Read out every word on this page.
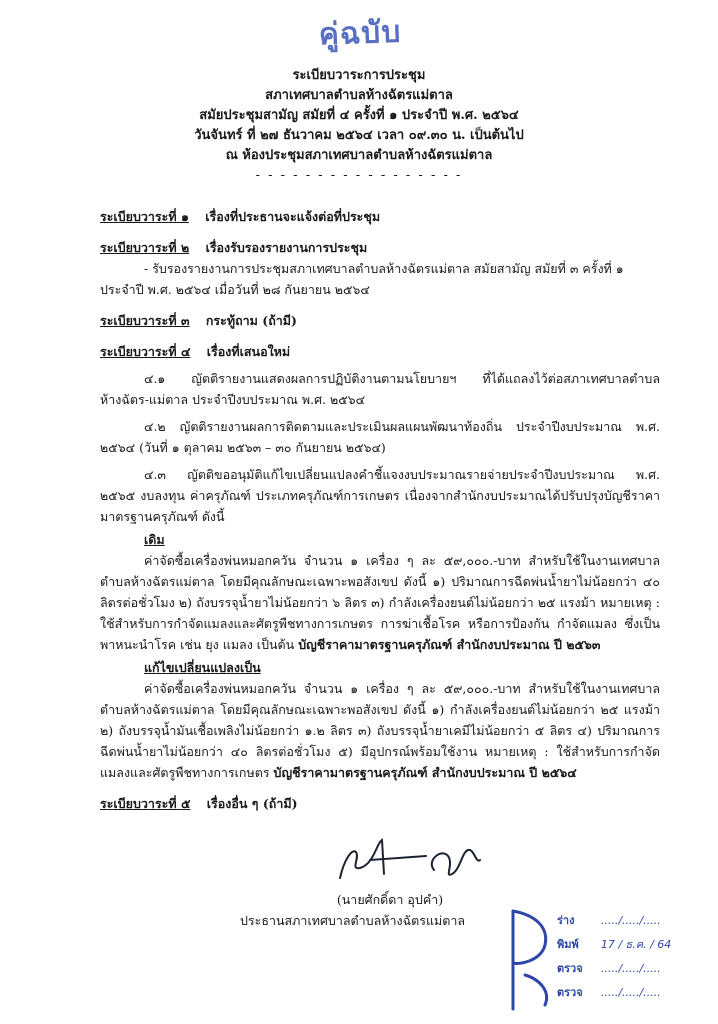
คู่ฉบับ
ระเบียบวาระการประชุม
สภาเทศบาลตำบลห้างฉัตรแม่ตาล
สมัยประชุมสามัญ สมัยที่ ๔ ครั้งที่ ๑ ประจำปี พ.ศ. ๒๕๖๔
วันจันทร์ ที่ ๒๗ ธันวาคม ๒๕๖๔ เวลา ๐๙.๓๐ น. เป็นต้นไป
ณ ห้องประชุมสภาเทศบาลตำบลห้างฉัตรแม่ตาล
- - - - - - - - - - - - - - - - -
ระเบียบวาระที่ ๑ เรื่องที่ประธานจะแจ้งต่อที่ประชุม
ระเบียบวาระที่ ๒ เรื่องรับรองรายงานการประชุม

- รับรองรายงานการประชุมสภาเทศบาลตำบลห้างฉัตรแม่ตาล สมัยสามัญ สมัยที่ ๓ ครั้งที่ ๑

ประจำปี พ.ศ. ๒๕๖๔ เมื่อวันที่ ๒๘ กันยายน ๒๕๖๔

ระเบียบวาระที่ ๓ กระทู้ถาม (ถ้ามี)
ระเบียบวาระที่ ๔ เรื่องที่เสนอใหม่

๔.๑ ญัตติรายงานแสดงผลการปฏิบัติงานตามนโยบายฯ ที่ได้แถลงไว้ต่อสภาเทศบาลตำบลห้างฉัตร-แม่ตาล ประจำปีงบประมาณ พ.ศ. ๒๕๖๔

๔.๒ ญัตติรายงานผลการติดตามและประเมินผลแผนพัฒนาท้องถิ่น ประจำปีงบประมาณ พ.ศ. ๒๕๖๔ (วันที่ ๑ ตุลาคม ๒๕๖๓ – ๓๐ กันยายน ๒๕๖๔)

๔.๓ ญัตติขออนุมัติแก้ไขเปลี่ยนแปลงคำชี้แจงงบประมาณรายจ่ายประจำปีงบประมาณ พ.ศ. ๒๕๖๕ งบลงทุน ค่าครุภัณฑ์ ประเภทครุภัณฑ์การเกษตร เนื่องจากสำนักงบประมาณได้ปรับปรุงบัญชีราคามาตรฐานครุภัณฑ์ ดังนี้

เดิม

ค่าจัดซื้อเครื่องพ่นหมอกควัน จำนวน ๑ เครื่อง ๆ ละ ๕๙,๐๐๐.-บาท สำหรับใช้ในงานเทศบาลตำบลห้างฉัตรแม่ตาล โดยมีคุณลักษณะเฉพาะพอสังเขป ดังนี้ ๑) ปริมาณการฉีดพ่นน้ำยาไม่น้อยกว่า ๔๐ ลิตรต่อชั่วโมง ๒) ถังบรรจุน้ำยาไม่น้อยกว่า ๖ ลิตร ๓) กำลังเครื่องยนต์ไม่น้อยกว่า ๒๕ แรงม้า หมายเหตุ : ใช้สำหรับการกำจัดแมลงและศัตรูพืชทางการเกษตร การฆ่าเชื้อโรค หรือการป้องกัน กำจัดแมลง ซึ่งเป็นพาหนะนำโรค เช่น ยุง แมลง เป็นต้น บัญชีราคามาตรฐานครุภัณฑ์ สำนักงบประมาณ ปี ๒๕๖๓

แก้ไขเปลี่ยนแปลงเป็น

ค่าจัดซื้อเครื่องพ่นหมอกควัน จำนวน ๑ เครื่อง ๆ ละ ๕๙,๐๐๐.-บาท สำหรับใช้ในงานเทศบาลตำบลห้างฉัตรแม่ตาล โดยมีคุณลักษณะเฉพาะพอสังเขป ดังนี้ ๑) กำลังเครื่องยนต์ไม่น้อยกว่า ๒๕ แรงม้า ๒) ถังบรรจุน้ำมันเชื้อเพลิงไม่น้อยกว่า ๑.๒ ลิตร ๓) ถังบรรจุน้ำยาเคมีไม่น้อยกว่า ๕ ลิตร ๔) ปริมาณการฉีดพ่นน้ำยาไม่น้อยกว่า ๔๐ ลิตรต่อชั่วโมง ๕) มีอุปกรณ์พร้อมใช้งาน หมายเหตุ : ใช้สำหรับการกำจัดแมลงและศัตรูพืชทางการเกษตร บัญชีราคามาตรฐานครุภัณฑ์ สำนักงบประมาณ ปี ๒๕๖๔

ระเบียบวาระที่ ๕ เรื่องอื่น ๆ (ถ้ามี)
(นายศักดิ์ดา อุปคำ)
ประธานสภาเทศบาลตำบลห้างฉัตรแม่ตาล	ร่าง ...../...../.....
พิมพ์ 17 / ธ.ค. / 64
ตรวจ ...../...../.....
ตรวจ ...../...../.....
